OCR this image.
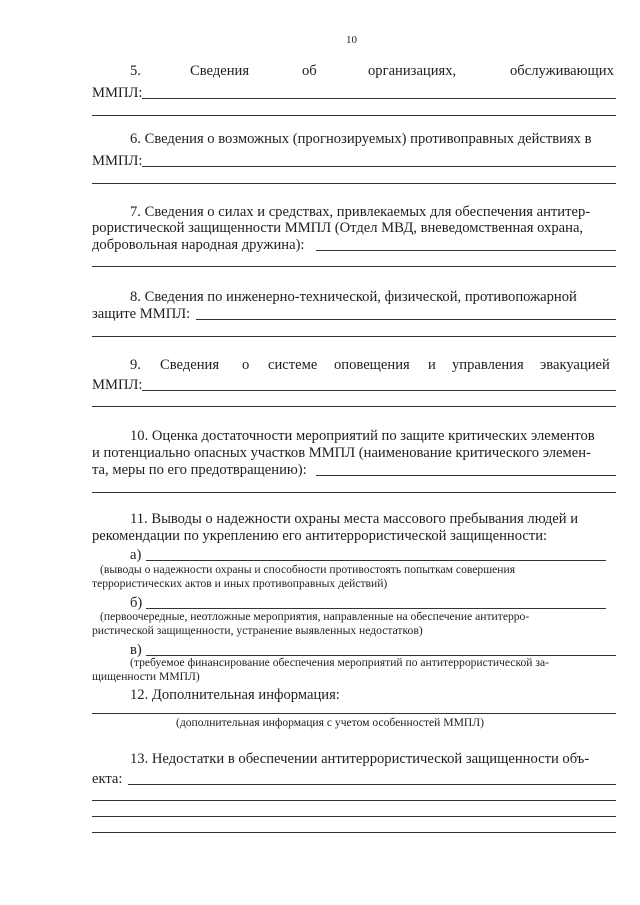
10
5.	Сведения	об	организациях,	обслуживающих
ММПЛ:
6. Сведения о возможных (прогнозируемых) противоправных действиях в
ММПЛ:
7. Сведения о силах и средствах, привлекаемых для обеспечения антитер-
рористической защищенности ММПЛ (Отдел МВД, вневедомственная охрана,
добровольная народная дружина):
8. Сведения по инженерно-технической, физической, противопожарной
защите ММПЛ:
9. Сведения о системе оповещения и управления эвакуацией
ММПЛ:
10. Оценка достаточности мероприятий по защите критических элементов
и потенциально опасных участков ММПЛ (наименование критического элемен-
та, меры по его предотвращению):
11. Выводы о надежности охраны места массового пребывания людей и
рекомендации по укреплению его антитеррористической защищенности:
а)
(выводы о надежности охраны и способности противостоять попыткам совершения
террористических актов и иных противоправных действий)
б)
(первоочередные, неотложные мероприятия, направленные на обеспечение антитерро-
ристической защищенности, устранение выявленных недостатков)
в)
(требуемое финансирование обеспечения мероприятий по антитеррористической за-
щищенности ММПЛ)
12. Дополнительная информация:
(дополнительная информация с учетом особенностей ММПЛ)
13. Недостатки в обеспечении антитеррористической защищенности объ-
екта:
